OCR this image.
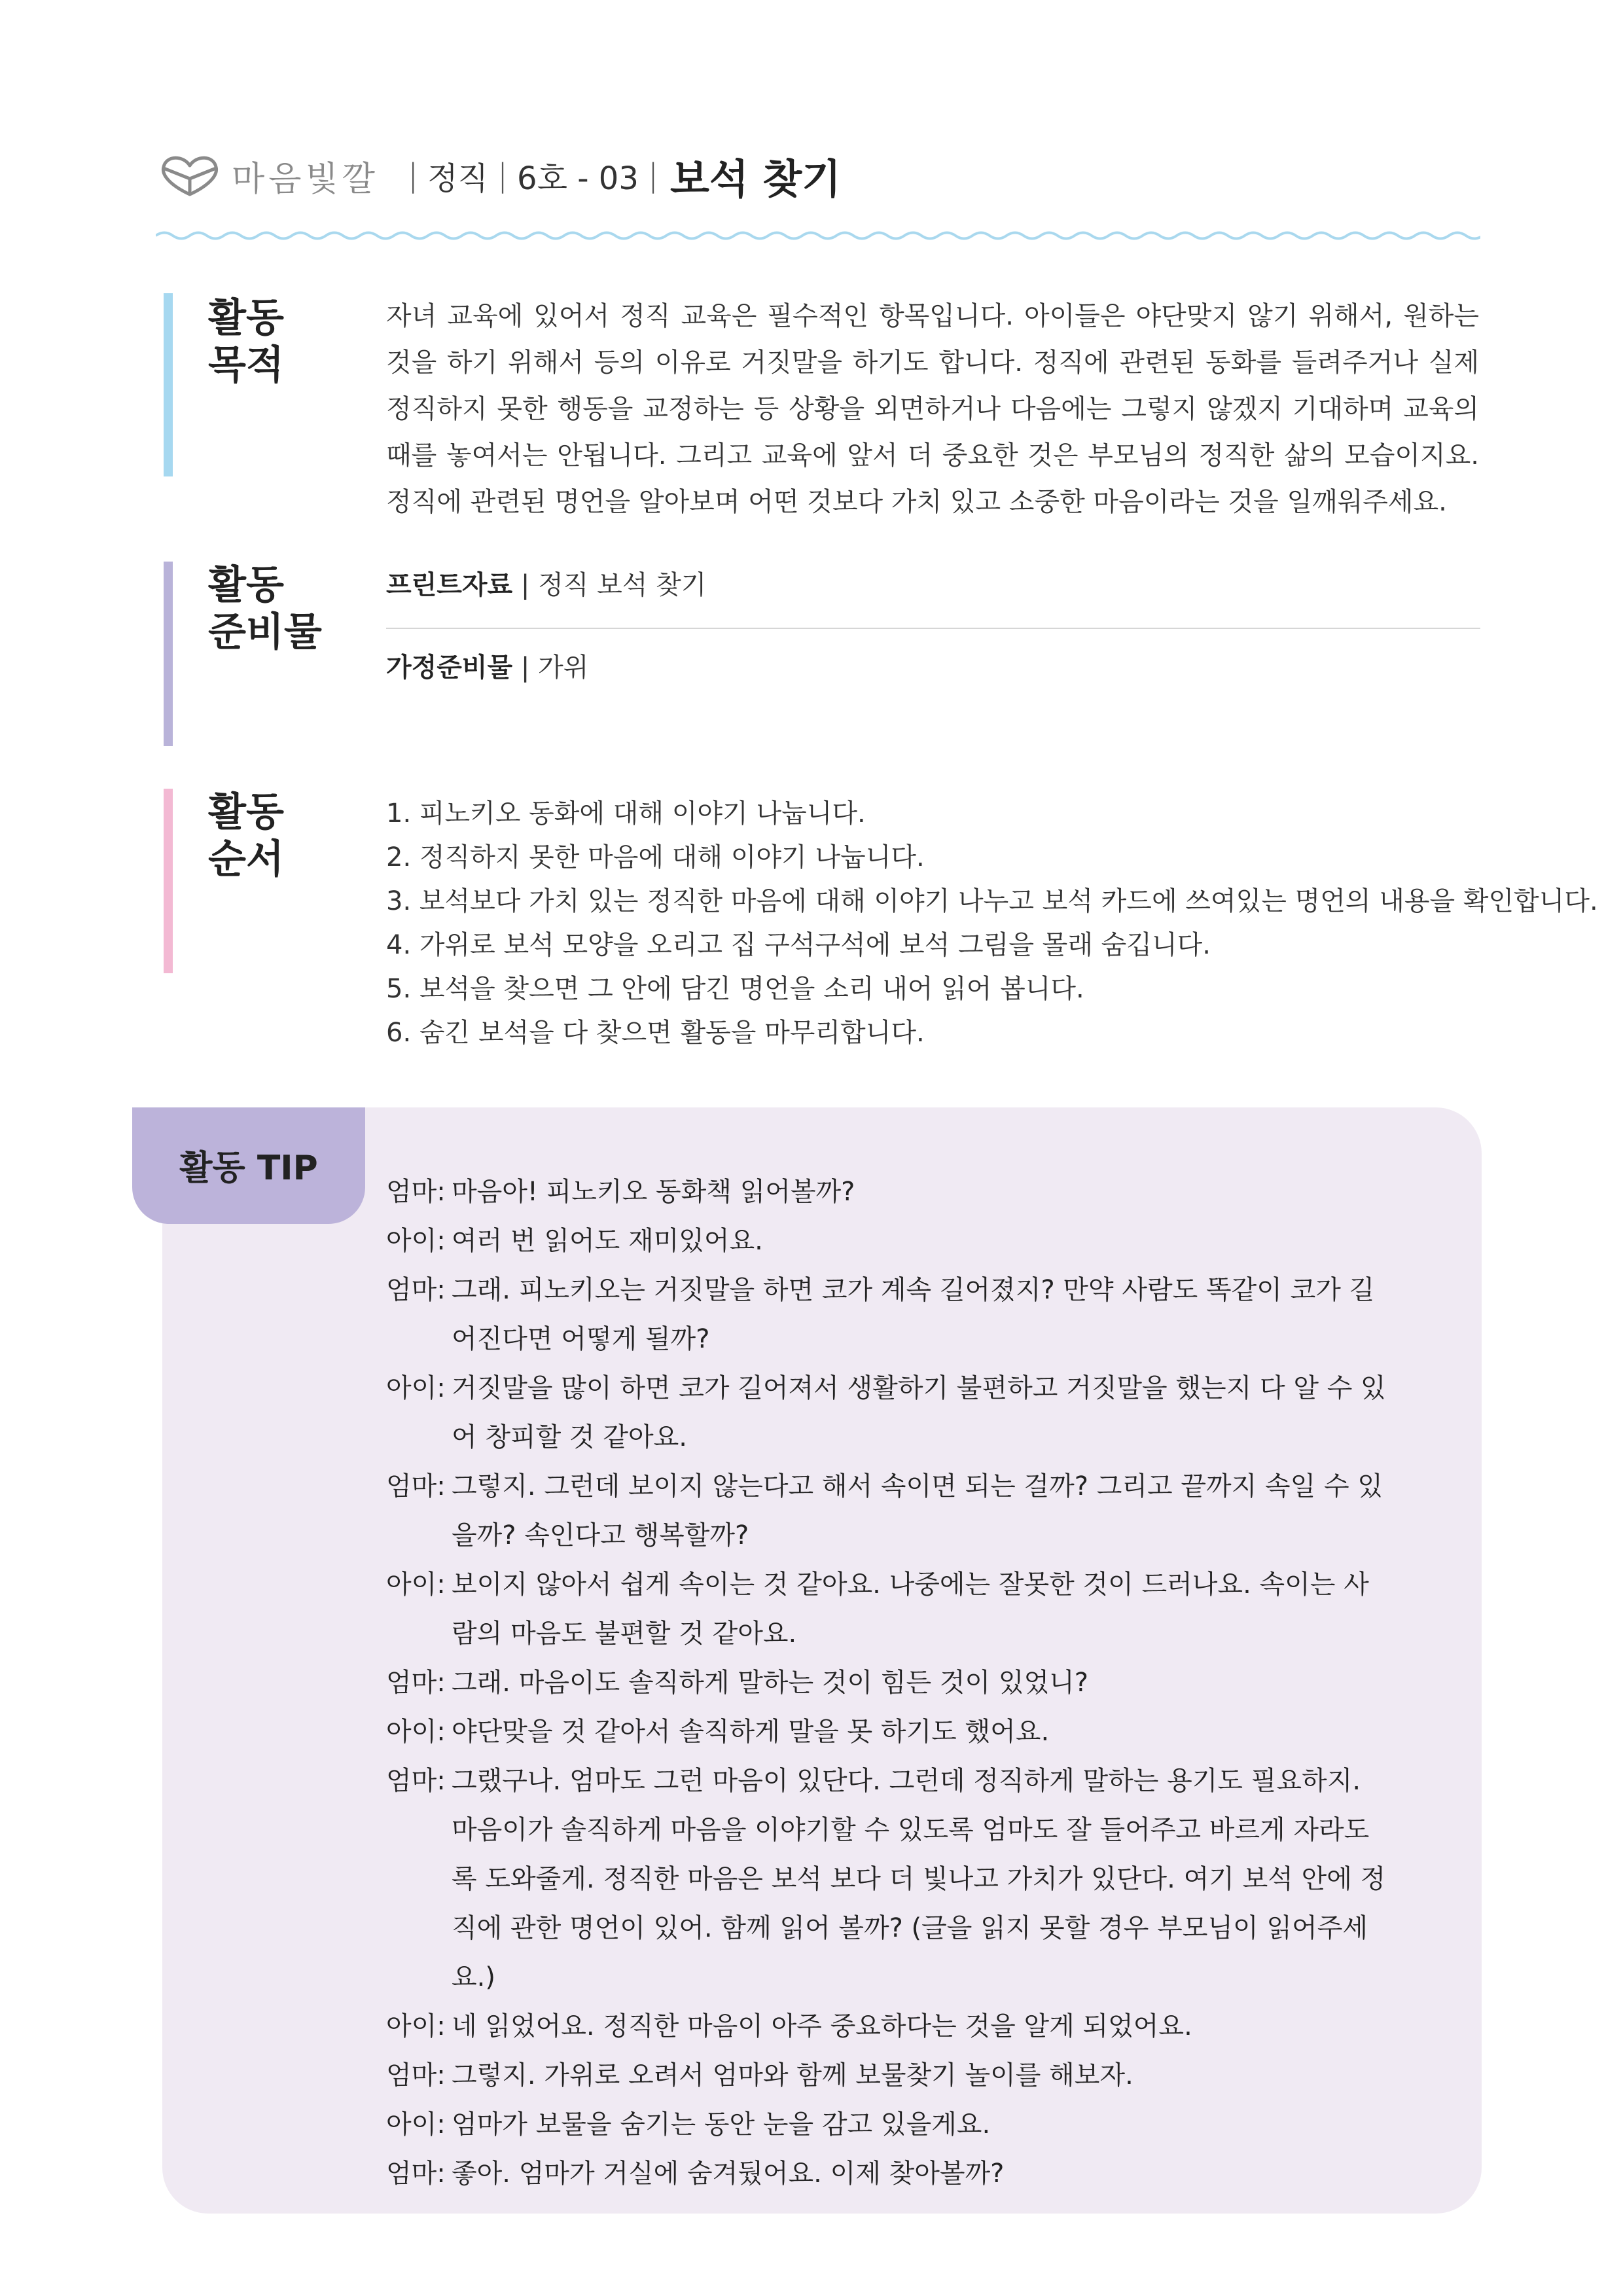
마음빛깔 | 정직 | 6호 - 03 | 보석 찾기
활동
목적
자녀 교육에 있어서 정직 교육은 필수적인 항목입니다. 아이들은 야단맞지 않기 위해서, 원하는 것을 하기 위해서 등의 이유로 거짓말을 하기도 합니다. 정직에 관련된 동화를 들려주거나 실제 정직하지 못한 행동을 교정하는 등 상황을 외면하거나 다음에는 그렇지 않겠지 기대하며 교육의 때를 놓여서는 안됩니다. 그리고 교육에 앞서 더 중요한 것은 부모님의 정직한 삶의 모습이지요. 정직에 관련된 명언을 알아보며 어떤 것보다 가치 있고 소중한 마음이라는 것을 일깨워주세요.
활동
준비물
프린트자료 | 정직 보석 찾기
가정준비물 | 가위
활동
순서
1. 피노키오 동화에 대해 이야기 나눕니다.
2. 정직하지 못한 마음에 대해 이야기 나눕니다.
3. 보석보다 가치 있는 정직한 마음에 대해 이야기 나누고 보석 카드에 쓰여있는 명언의 내용을 확인합니다.
4. 가위로 보석 모양을 오리고 집 구석구석에 보석 그림을 몰래 숨깁니다.
5. 보석을 찾으면 그 안에 담긴 명언을 소리 내어 읽어 봅니다.
6. 숨긴 보석을 다 찾으면 활동을 마무리합니다.
활동 TIP
엄마: 마음아! 피노키오 동화책 읽어볼까?
아이: 여러 번 읽어도 재미있어요.
엄마: 그래. 피노키오는 거짓말을 하면 코가 계속 길어졌지? 만약 사람도 똑같이 코가 길어진다면 어떻게 될까?
아이: 거짓말을 많이 하면 코가 길어져서 생활하기 불편하고 거짓말을 했는지 다 알 수 있어 창피할 것 같아요.
엄마: 그렇지. 그런데 보이지 않는다고 해서 속이면 되는 걸까? 그리고 끝까지 속일 수 있을까? 속인다고 행복할까?
아이: 보이지 않아서 쉽게 속이는 것 같아요. 나중에는 잘못한 것이 드러나요. 속이는 사람의 마음도 불편할 것 같아요.
엄마: 그래. 마음이도 솔직하게 말하는 것이 힘든 것이 있었니?
아이: 야단맞을 것 같아서 솔직하게 말을 못 하기도 했어요.
엄마: 그랬구나. 엄마도 그런 마음이 있단다. 그런데 정직하게 말하는 용기도 필요하지. 마음이가 솔직하게 마음을 이야기할 수 있도록 엄마도 잘 들어주고 바르게 자라도록 도와줄게. 정직한 마음은 보석 보다 더 빛나고 가치가 있단다. 여기 보석 안에 정직에 관한 명언이 있어. 함께 읽어 볼까? (글을 읽지 못할 경우 부모님이 읽어주세요.)
아이: 네 읽었어요. 정직한 마음이 아주 중요하다는 것을 알게 되었어요.
엄마: 그렇지. 가위로 오려서 엄마와 함께 보물찾기 놀이를 해보자.
아이: 엄마가 보물을 숨기는 동안 눈을 감고 있을게요.
엄마: 좋아. 엄마가 거실에 숨겨뒀어요. 이제 찾아볼까?
